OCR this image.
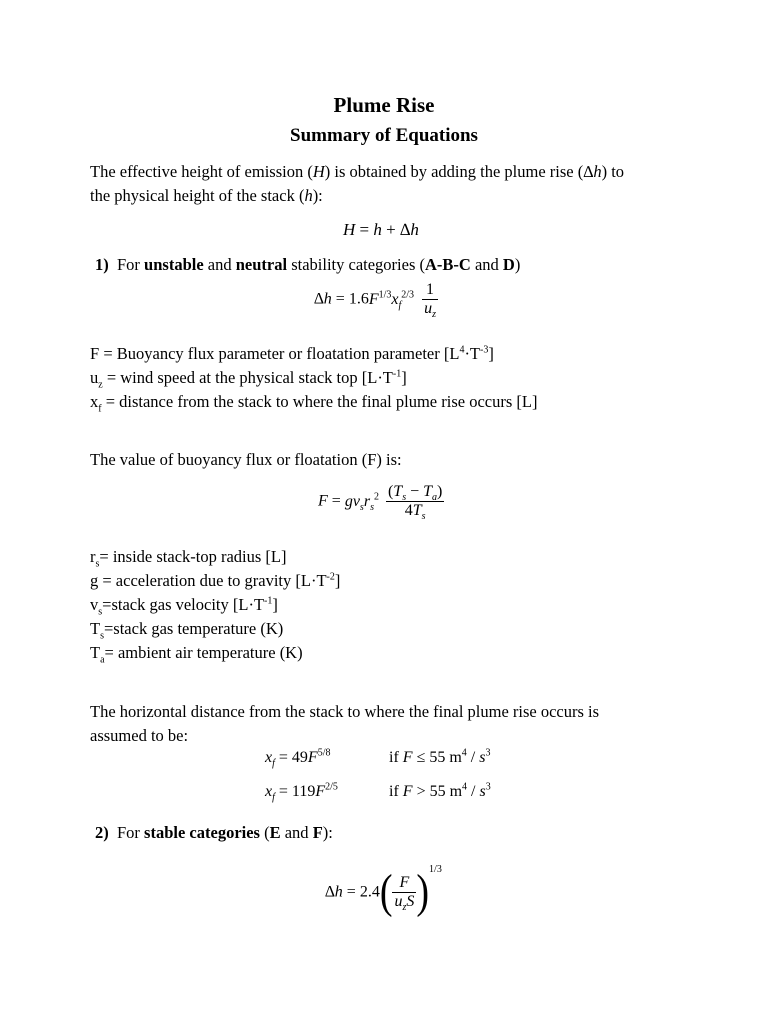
Plume Rise
Summary of Equations
The effective height of emission (H) is obtained by adding the plume rise (∆h) to
the physical height of the stack (h):
H = h + ∆h
1) For unstable and neutral stability categories (A-B-C and D)
$\Delta h = 1.6F^{1/3}x_f^{2/3} \frac{1}{u_z}$
F = Buoyancy flux parameter or floatation parameter $[L^4\cdot T^{-3}]$
$u_z$ = wind speed at the physical stack top $[L\cdot T^{-1}]$
$x_f$ = distance from the stack to where the final plume rise occurs [L]
The value of buoyancy flux or floatation (F) is:
$F = gv_sr_s^2 \frac{(T_s - T_a)}{4T_s}$
$r_s=$ inside stack-top radius [L]
g = acceleration due to gravity $[L\cdot T^{-2}]$
$v_s=stack$ gas velocity $[L\cdot T^{-1}]$
$T_s=stack$ gas temperature (K)
$T_a=$ ambient air temperature (K)
The horizontal distance from the stack to where the final plume rise occurs is
assumed to be:
$x_f = 49F^{5/8}$	if F ≤ 55 $m^4 / s^3$
$x_f = 119F^{2/5}$	if F > 55 $m^4 / s^3$
2) For stable categories (E and F):
$\Delta h = 2.4( \frac{F}{u_zS} )^{1/3}$
